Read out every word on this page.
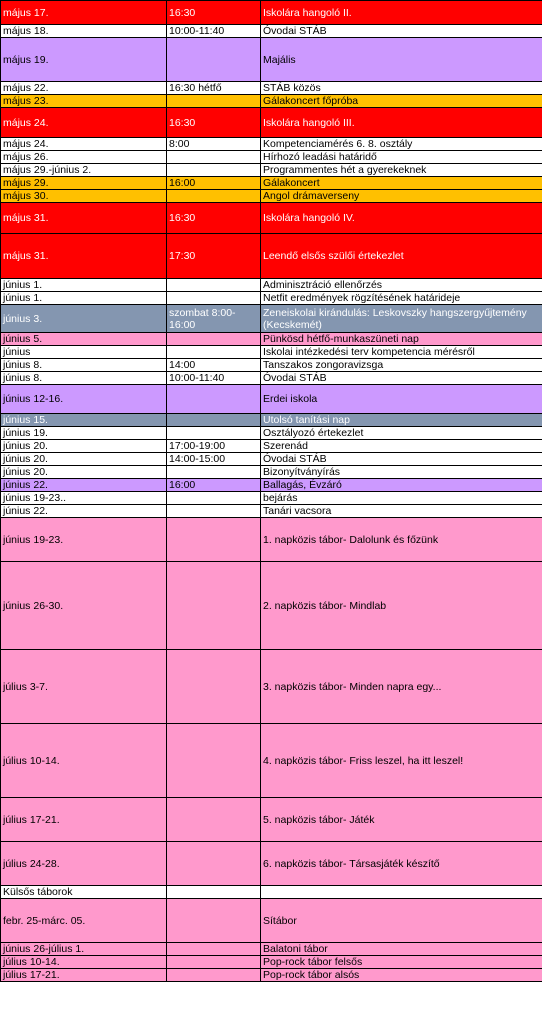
május 17.	16:30	Iskolára hangoló II.
május 18.	10:00-11:40	Óvodai STÁB
május 19.		Majális
május 22.	16:30 hétfő	STÁB közös
május 23.		Gálakoncert főpróba
május 24.	16:30	Iskolára hangoló III.
május 24.	8:00	Kompetenciamérés 6. 8. osztály
május 26.		Hírhozó leadási határidő
május 29.-június 2.		Programmentes hét a gyerekeknek
május 29.	16:00	Gálakoncert
május 30.		Angol drámaverseny
május 31.	16:30	Iskolára hangoló IV.
május 31.	17:30	Leendő elsős szülői értekezlet
június 1.		Adminisztráció ellenőrzés
június 1.		Netfit eredmények rögzítésének határideje
június 3.	szombat 8:00-16:00	Zeneiskolai kirándulás: Leskovszky hangszergyűjtemény (Kecskemét)
június 5.		Pünkösd hétfő-munkaszüneti nap
június		Iskolai intézkedési terv kompetencia mérésről
június 8.	14:00	Tanszakos zongoravizsga
június 8.	10:00-11:40	Óvodai STÁB
június 12-16.		Erdei iskola
június 15.		Utolsó tanítási nap
június 19.		Osztályozó értekezlet
június 20.	17:00-19:00	Szerenád
június 20.	14:00-15:00	Óvodai STÁB
június 20.		Bizonyítványírás
június 22.	16:00	Ballagás, Évzáró
június 19-23..		bejárás
június 22.		Tanári vacsora
június 19-23.		1. napközis tábor- Dalolunk és főzünk
június 26-30.		2. napközis tábor- Mindlab
július 3-7.		3. napközis tábor- Minden napra egy...
július 10-14.		4. napközis tábor- Friss leszel, ha itt leszel!
július 17-21.		5. napközis tábor- Játék
július 24-28.		6. napközis tábor- Társasjáték készítő
Külsős táborok		
febr. 25-márc. 05.		Sítábor
június 26-július 1.		Balatoni tábor
július 10-14.		Pop-rock tábor felsős
július 17-21.		Pop-rock tábor alsós
